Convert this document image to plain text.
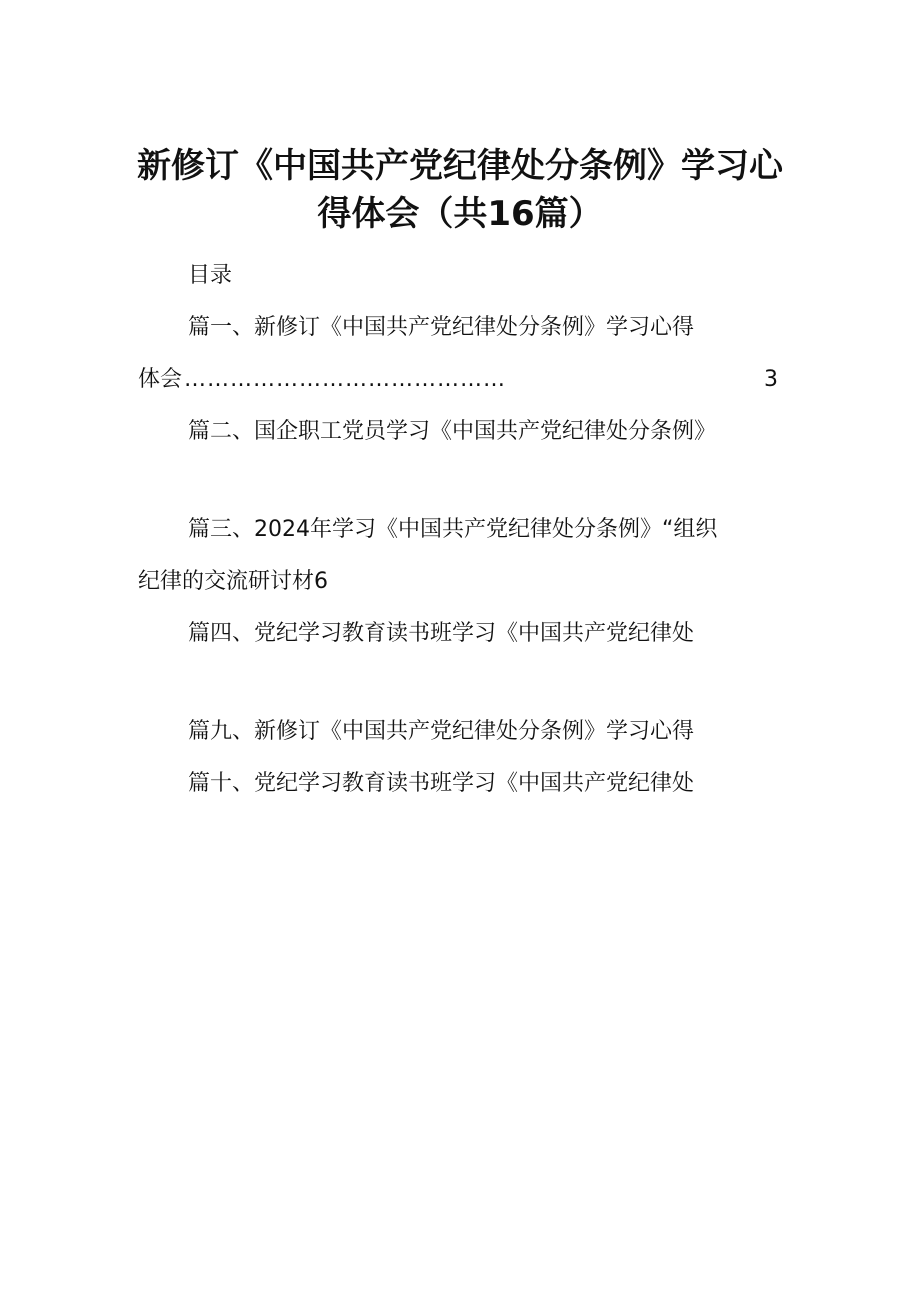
新修订《中国共产党纪律处分条例》学习心
得体会（共16篇）
目录
篇一、新修订《中国共产党纪律处分条例》学习心得
体会 ……………………………………	3
篇二、国企职工党员学习《中国共产党纪律处分条例》
篇三、2024年学习《中国共产党纪律处分条例》“组织
纪律的交流研讨材6
篇四、党纪学习教育读书班学习《中国共产党纪律处
篇九、新修订《中国共产党纪律处分条例》学习心得
篇十、党纪学习教育读书班学习《中国共产党纪律处
